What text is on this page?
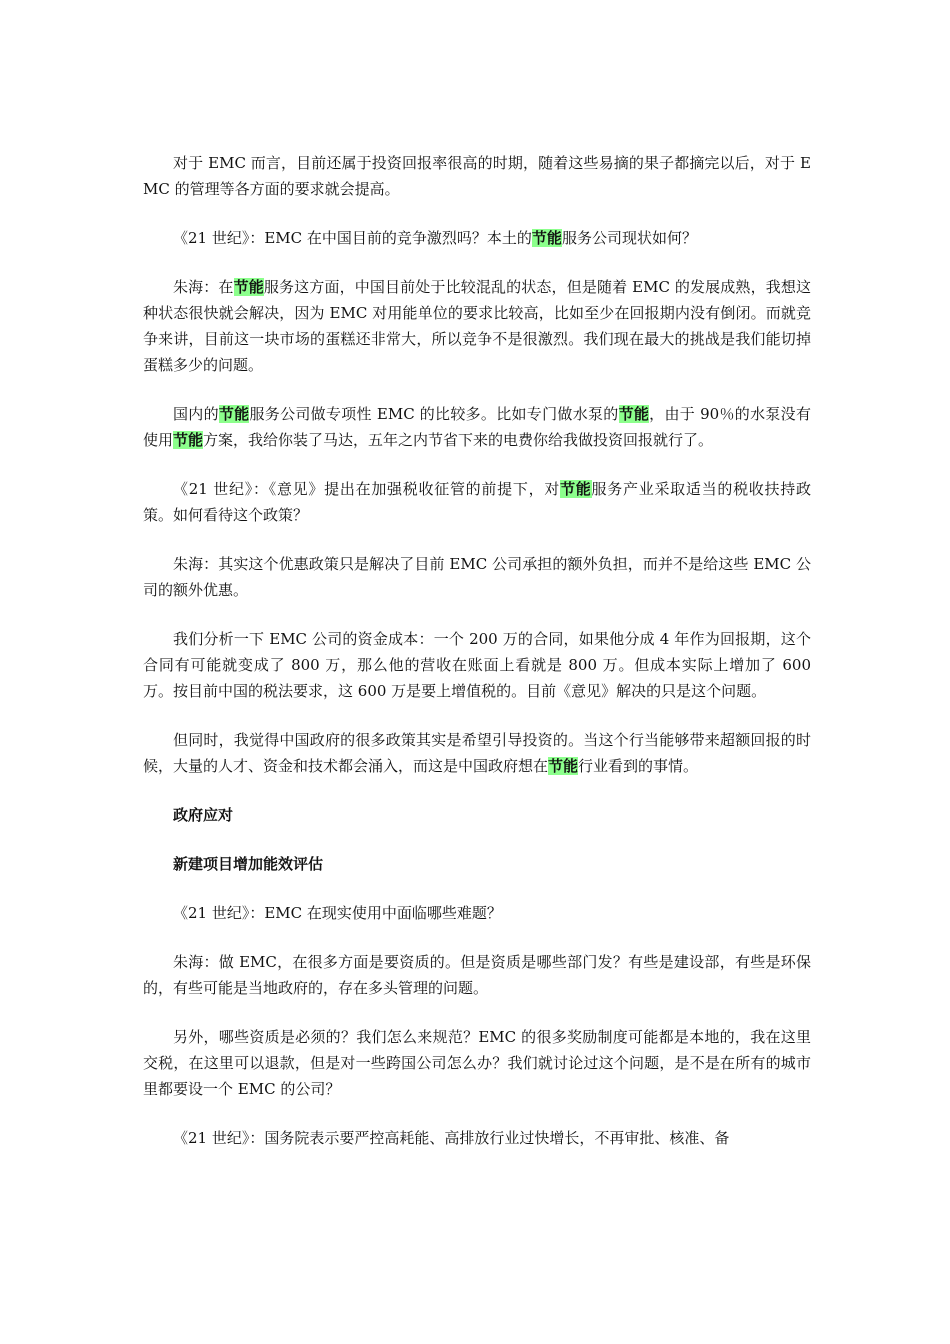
对于 EMC 而言，目前还属于投资回报率很高的时期，随着这些易摘的果子都摘完以后，对于 EMC 的管理等各方面的要求就会提高。

《21 世纪》：EMC 在中国目前的竞争激烈吗？本土的节能服务公司现状如何？

朱海：在节能服务这方面，中国目前处于比较混乱的状态，但是随着 EMC 的发展成熟，我想这种状态很快就会解决，因为 EMC 对用能单位的要求比较高，比如至少在回报期内没有倒闭。而就竞争来讲，目前这一块市场的蛋糕还非常大，所以竞争不是很激烈。我们现在最大的挑战是我们能切掉蛋糕多少的问题。

国内的节能服务公司做专项性 EMC 的比较多。比如专门做水泵的节能，由于 90％的水泵没有使用节能方案，我给你装了马达，五年之内节省下来的电费你给我做投资回报就行了。

《21 世纪》：《意见》提出在加强税收征管的前提下，对节能服务产业采取适当的税收扶持政策。如何看待这个政策？

朱海：其实这个优惠政策只是解决了目前 EMC 公司承担的额外负担，而并不是给这些 EMC 公司的额外优惠。

我们分析一下 EMC 公司的资金成本：一个 200 万的合同，如果他分成 4 年作为回报期，这个合同有可能就变成了 800 万，那么他的营收在账面上看就是 800 万。但成本实际上增加了 600 万。按目前中国的税法要求，这 600 万是要上增值税的。目前《意见》解决的只是这个问题。

但同时，我觉得中国政府的很多政策其实是希望引导投资的。当这个行当能够带来超额回报的时候，大量的人才、资金和技术都会涌入，而这是中国政府想在节能行业看到的事情。

政府应对

新建项目增加能效评估

《21 世纪》：EMC 在现实使用中面临哪些难题？

朱海：做 EMC，在很多方面是要资质的。但是资质是哪些部门发？有些是建设部，有些是环保的，有些可能是当地政府的，存在多头管理的问题。

另外，哪些资质是必须的？我们怎么来规范？EMC 的很多奖励制度可能都是本地的，我在这里交税，在这里可以退款，但是对一些跨国公司怎么办？我们就讨论过这个问题，是不是在所有的城市里都要设一个 EMC 的公司？

《21 世纪》：国务院表示要严控高耗能、高排放行业过快增长，不再审批、核准、备
